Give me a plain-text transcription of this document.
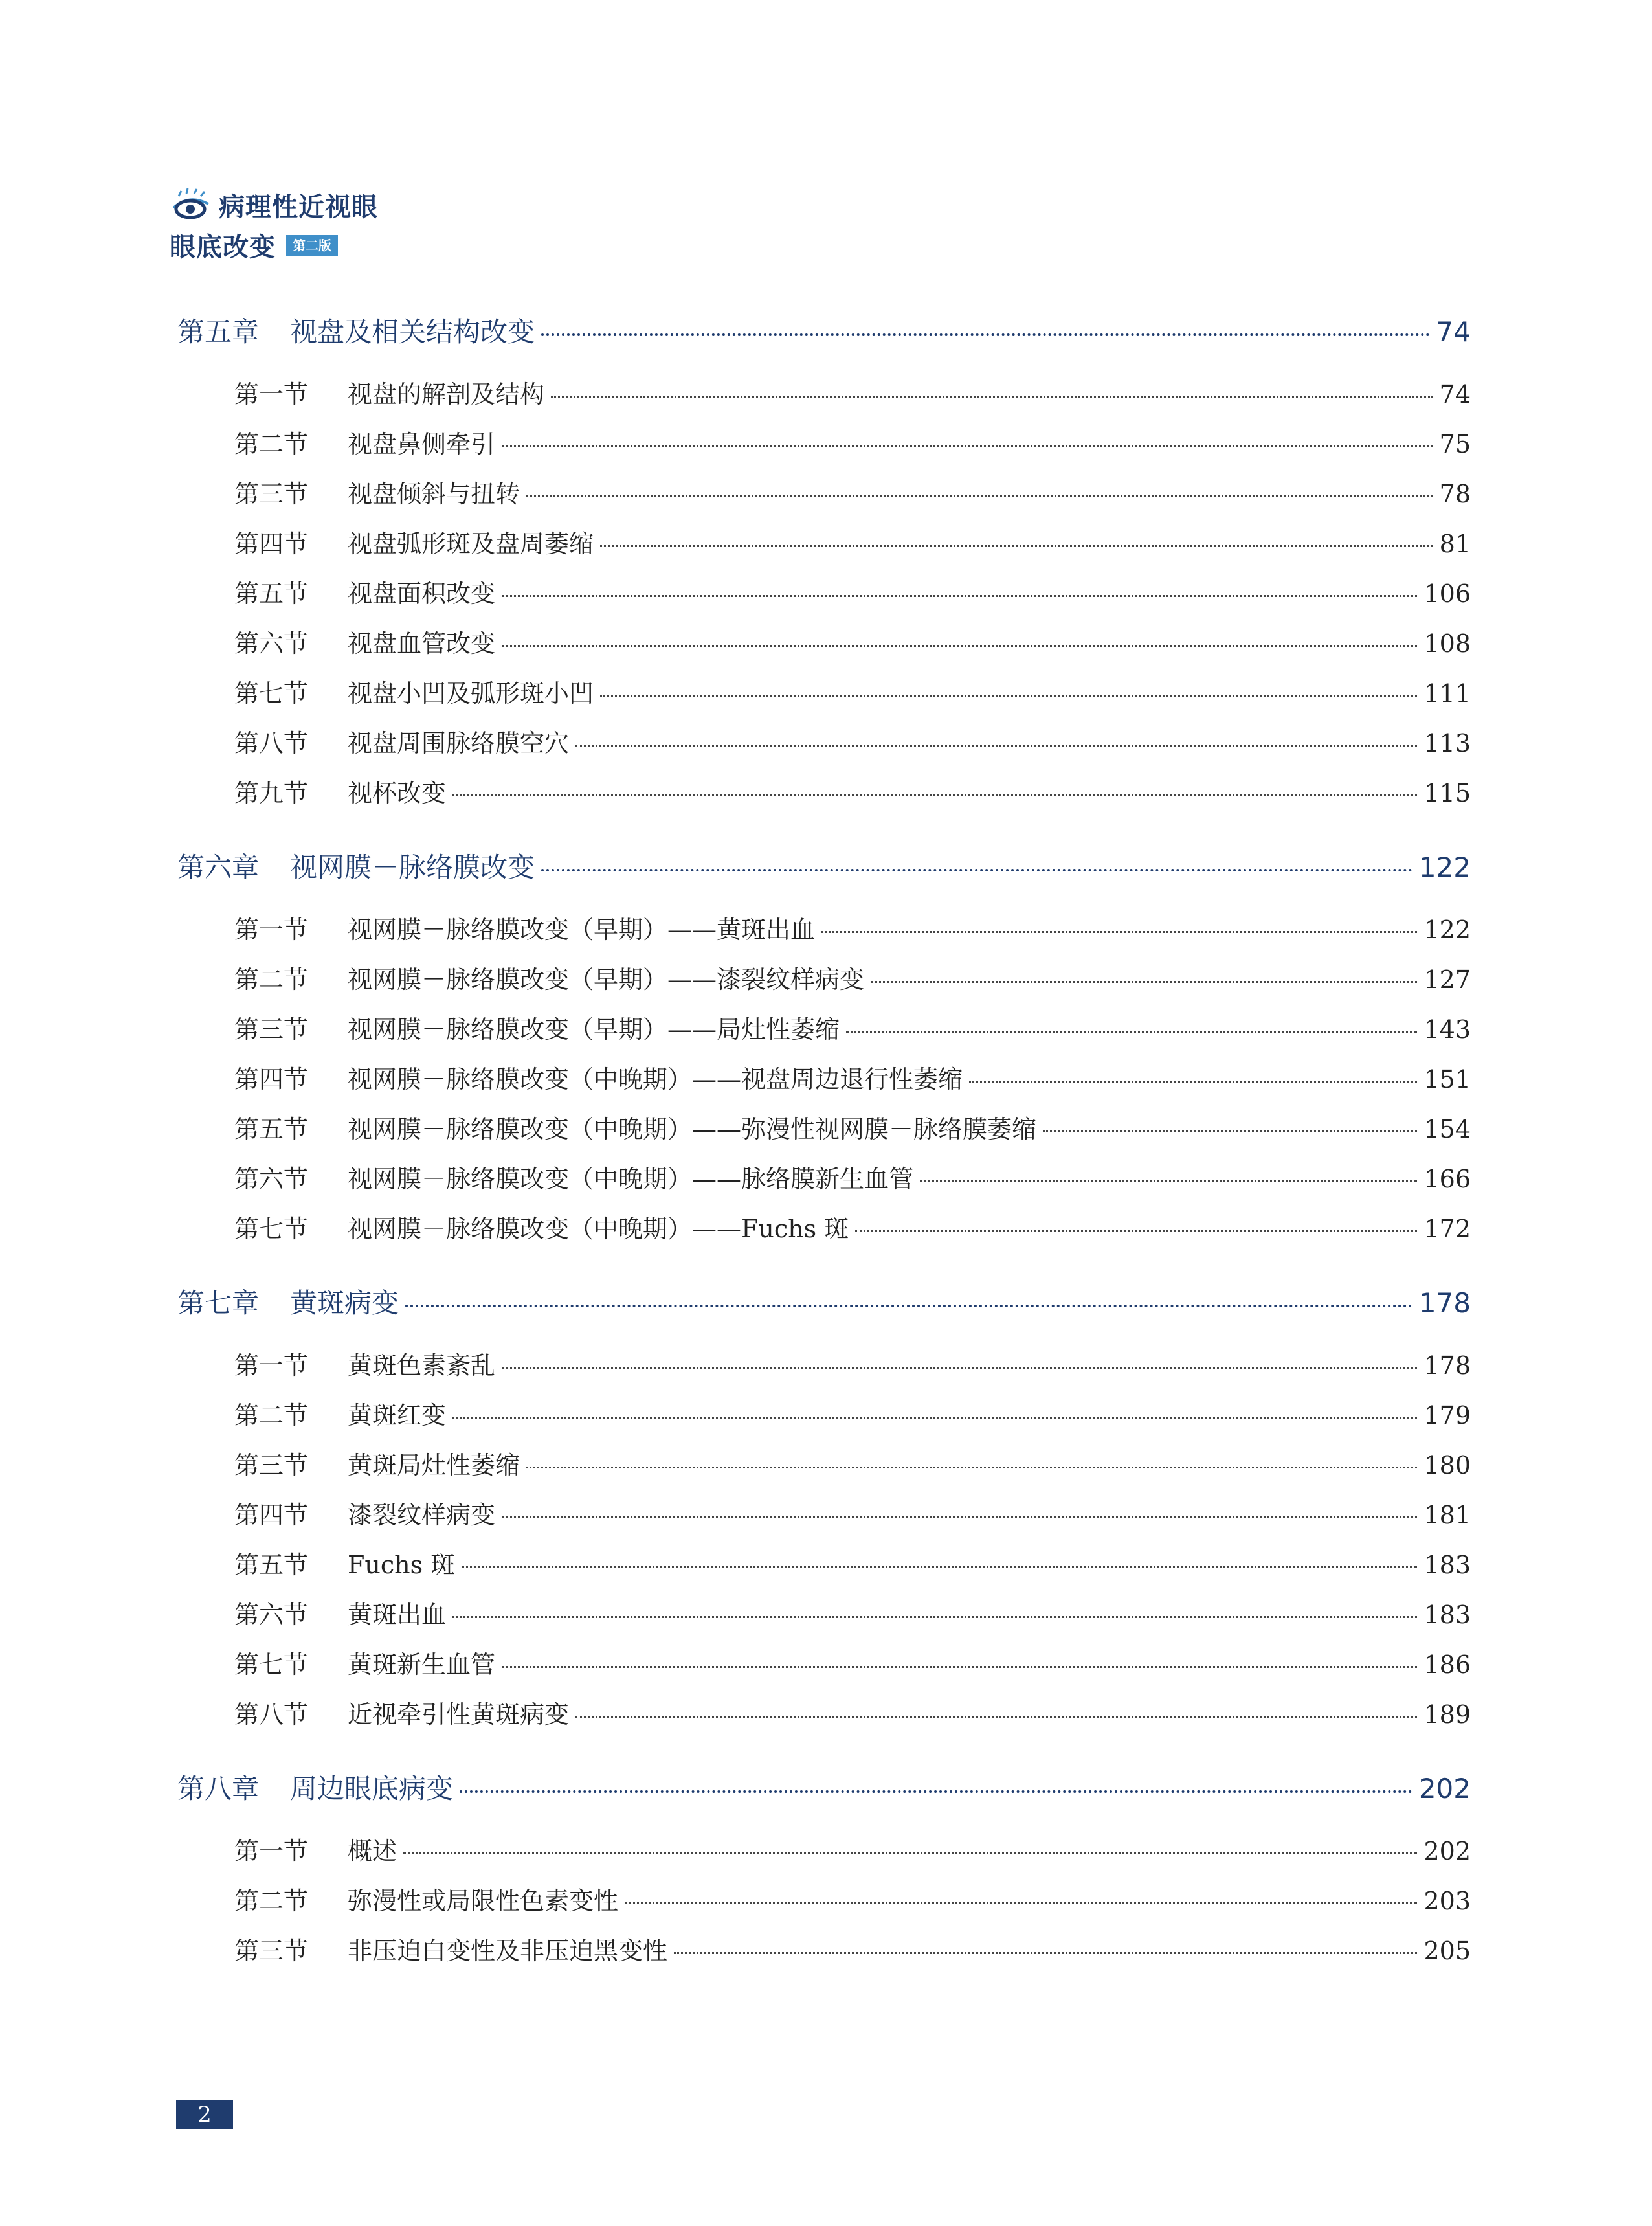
病理性近视眼
眼底改变	第二版
第五章 视盘及相关结构改变	74
第一节	视盘的解剖及结构	74
第二节	视盘鼻侧牵引	75
第三节	视盘倾斜与扭转	78
第四节	视盘弧形斑及盘周萎缩	81
第五节	视盘面积改变	106
第六节	视盘血管改变	108
第七节	视盘小凹及弧形斑小凹	111
第八节	视盘周围脉络膜空穴	113
第九节	视杯改变	115
第六章 视网膜－脉络膜改变	122
第一节	视网膜－脉络膜改变（早期）——黄斑出血	122
第二节	视网膜－脉络膜改变（早期）——漆裂纹样病变	127
第三节	视网膜－脉络膜改变（早期）——局灶性萎缩	143
第四节	视网膜－脉络膜改变（中晚期）——视盘周边退行性萎缩	151
第五节	视网膜－脉络膜改变（中晚期）——弥漫性视网膜－脉络膜萎缩	154
第六节	视网膜－脉络膜改变（中晚期）——脉络膜新生血管	166
第七节	视网膜－脉络膜改变（中晚期）——Fuchs 斑	172
第七章 黄斑病变	178
第一节	黄斑色素紊乱	178
第二节	黄斑红变	179
第三节	黄斑局灶性萎缩	180
第四节	漆裂纹样病变	181
第五节	Fuchs 斑	183
第六节	黄斑出血	183
第七节	黄斑新生血管	186
第八节	近视牵引性黄斑病变	189
第八章 周边眼底病变	202
第一节	概述	202
第二节	弥漫性或局限性色素变性	203
第三节	非压迫白变性及非压迫黑变性	205
2
